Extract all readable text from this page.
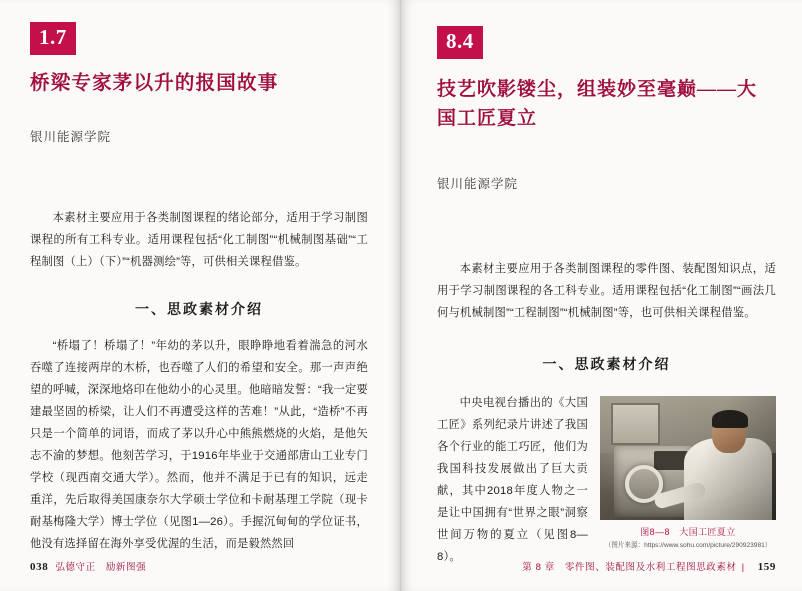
1.7
桥梁专家茅以升的报国故事
银川能源学院

本素材主要应用于各类制图课程的绪论部分，适用于学习制图课程的所有工科专业。适用课程包括“化工制图”“机械制图基础”“工程制图（上）（下）”“机器测绘”等，可供相关课程借鉴。

一、思政素材介绍

“桥塌了！桥塌了！”年幼的茅以升，眼睁睁地看着湍急的河水吞噬了连接两岸的木桥，也吞噬了人们的希望和安全。那一声声绝望的呼喊，深深地烙印在他幼小的心灵里。他暗暗发誓：“我一定要建最坚固的桥梁，让人们不再遭受这样的苦难！”从此，“造桥”不再只是一个简单的词语，而成了茅以升心中熊熊燃烧的火焰，是他矢志不渝的梦想。他刻苦学习，于1916年毕业于交通部唐山工业专门学校（现西南交通大学）。然而，他并不满足于已有的知识，远走重洋，先后取得美国康奈尔大学硕士学位和卡耐基理工学院（现卡耐基梅隆大学）博士学位（见图1—26）。手握沉甸甸的学位证书，他没有选择留在海外享受优渥的生活，而是毅然然回

038 弘德守正　励新图强
8.4
技艺吹影镂尘，组装妙至毫巅——大国工匠夏立
银川能源学院

本素材主要应用于各类制图课程的零件图、装配图知识点，适用于学习制图课程的各工科专业。适用课程包括“化工制图”“画法几何与机械制图”“工程制图”“机械制图”等，也可供相关课程借鉴。

一、思政素材介绍
图8—8　大国工匠夏立
（图片来源：https://www.sohu.com/picture/290923981）

中央电视台播出的《大国工匠》系列纪录片讲述了我国各个行业的能工巧匠，他们为我国科技发展做出了巨大贡献，其中2018年度人物之一是让中国拥有“世界之眼”洞察世间万物的夏立（见图8—8）。

第 8 章　零件图、装配图及水利工程图思政素材 | 159
